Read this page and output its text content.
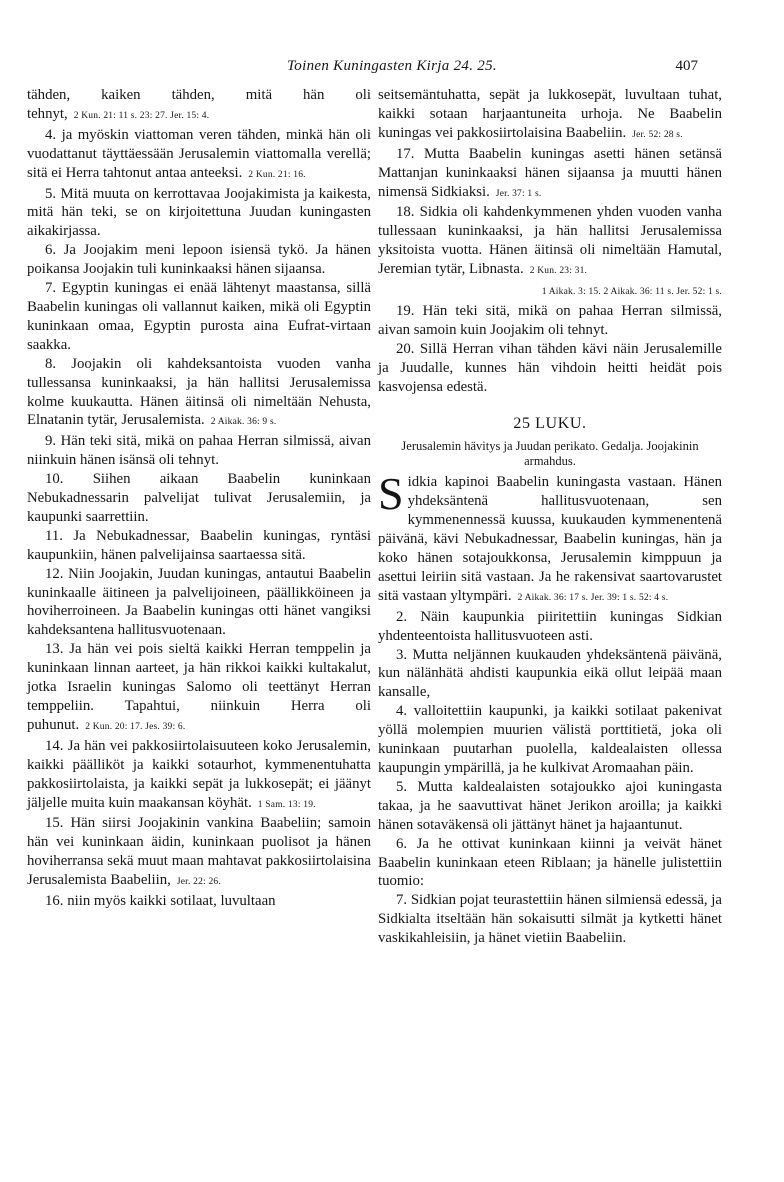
Toinen Kuningasten Kirja 24. 25.	407

tähden, kaiken tähden, mitä hän oli tehnyt, 2 Kun. 21: 11 s. 23: 27. Jer. 15: 4.

4. ja myöskin viattoman veren tähden, minkä hän oli vuodattanut täyttäessään Jerusalemin viattomalla verellä; sitä ei Herra tahtonut antaa anteeksi. 2 Kun. 21: 16.

5. Mitä muuta on kerrottavaa Joojakimista ja kaikesta, mitä hän teki, se on kirjoitettuna Juudan kuningasten aikakirjassa.

6. Ja Joojakim meni lepoon isiensä tykö. Ja hänen poikansa Joojakin tuli kuninkaaksi hänen sijaansa.

7. Egyptin kuningas ei enää lähtenyt maastansa, sillä Baabelin kuningas oli vallannut kaiken, mikä oli Egyptin kuninkaan omaa, Egyptin purosta aina Eufrat-virtaan saakka.

8. Joojakin oli kahdeksantoista vuoden vanha tullessansa kuninkaaksi, ja hän hallitsi Jerusalemissa kolme kuukautta. Hänen äitinsä oli nimeltään Nehusta, Elnatanin tytär, Jerusalemista. 2 Aikak. 36: 9 s.

9. Hän teki sitä, mikä on pahaa Herran silmissä, aivan niinkuin hänen isänsä oli tehnyt.

10. Siihen aikaan Baabelin kuninkaan Nebukadnessarin palvelijat tulivat Jerusalemiin, ja kaupunki saarrettiin.

11. Ja Nebukadnessar, Baabelin kuningas, ryntäsi kaupunkiin, hänen palvelijainsa saartaessa sitä.

12. Niin Joojakin, Juudan kuningas, antautui Baabelin kuninkaalle äitineen ja palvelijoineen, päällikköineen ja hoviherroineen. Ja Baabelin kuningas otti hänet vangiksi kahdeksantena hallitusvuotenaan.

13. Ja hän vei pois sieltä kaikki Herran temppelin ja kuninkaan linnan aarteet, ja hän rikkoi kaikki kultakalut, jotka Israelin kuningas Salomo oli teettänyt Herran temppeliin. Tapahtui, niinkuin Herra oli puhunut. 2 Kun. 20: 17. Jes. 39: 6.

14. Ja hän vei pakkosiirtolaisuuteen koko Jerusalemin, kaikki päälliköt ja kaikki sotaurhot, kymmenentuhatta pakkosiirtolaista, ja kaikki sepät ja lukkosepät; ei jäänyt jäljelle muita kuin maakansan köyhät. 1 Sam. 13: 19.

15. Hän siirsi Joojakinin vankina Baabeliin; samoin hän vei kuninkaan äidin, kuninkaan puolisot ja hänen hoviherransa sekä muut maan mahtavat pakkosiirtolaisina Jerusalemista Baabeliin, Jer. 22: 26.

16. niin myös kaikki sotilaat, luvultaan

seitsemäntuhatta, sepät ja lukkosepät, luvultaan tuhat, kaikki sotaan harjaantuneita urhoja. Ne Baabelin kuningas vei pakkosiirtolaisina Baabeliin. Jer. 52: 28 s.

17. Mutta Baabelin kuningas asetti hänen setänsä Mattanjan kuninkaaksi hänen sijaansa ja muutti hänen nimensä Sidkiaksi. Jer. 37: 1 s.

18. Sidkia oli kahdenkymmenen yhden vuoden vanha tullessaan kuninkaaksi, ja hän hallitsi Jerusalemissa yksitoista vuotta. Hänen äitinsä oli nimeltään Hamutal, Jeremian tytär, Libnasta. 2 Kun. 23: 31.

1 Aikak. 3: 15. 2 Aikak. 36: 11 s. Jer. 52: 1 s.

19. Hän teki sitä, mikä on pahaa Herran silmissä, aivan samoin kuin Joojakim oli tehnyt.

20. Sillä Herran vihan tähden kävi näin Jerusalemille ja Juudalle, kunnes hän vihdoin heitti heidät pois kasvojensa edestä.

25 LUKU.
Jerusalemin hävitys ja Juudan perikato. Gedalja. Joojakinin armahdus.

Sidkia kapinoi Baabelin kuningasta vastaan. Hänen yhdeksäntenä hallitusvuotenaan, sen kymmenennessä kuussa, kuukauden kymmenentenä päivänä, kävi Nebukadnessar, Baabelin kuningas, hän ja koko hänen sotajoukkonsa, Jerusalemin kimppuun ja asettui leiriin sitä vastaan. Ja he rakensivat saartovarustet sitä vastaan yltympäri. 2 Aikak. 36: 17 s. Jer. 39: 1 s. 52: 4 s.

2. Näin kaupunkia piiritettiin kuningas Sidkian yhdenteentoista hallitusvuoteen asti.

3. Mutta neljännen kuukauden yhdeksäntenä päivänä, kun nälänhätä ahdisti kaupunkia eikä ollut leipää maan kansalle,

4. valloitettiin kaupunki, ja kaikki sotilaat pakenivat yöllä molempien muurien välistä porttitietä, joka oli kuninkaan puutarhan puolella, kaldealaisten ollessa kaupungin ympärillä, ja he kulkivat Aromaahan päin.

5. Mutta kaldealaisten sotajoukko ajoi kuningasta takaa, ja he saavuttivat hänet Jerikon aroilla; ja kaikki hänen sotaväkensä oli jättänyt hänet ja hajaantunut.

6. Ja he ottivat kuninkaan kiinni ja veivät hänet Baabelin kuninkaan eteen Riblaan; ja hänelle julistettiin tuomio:

7. Sidkian pojat teurastettiin hänen silmiensä edessä, ja Sidkialta itseltään hän sokaisutti silmät ja kytketti hänet vaskikahleisiin, ja hänet vietiin Baabeliin.
